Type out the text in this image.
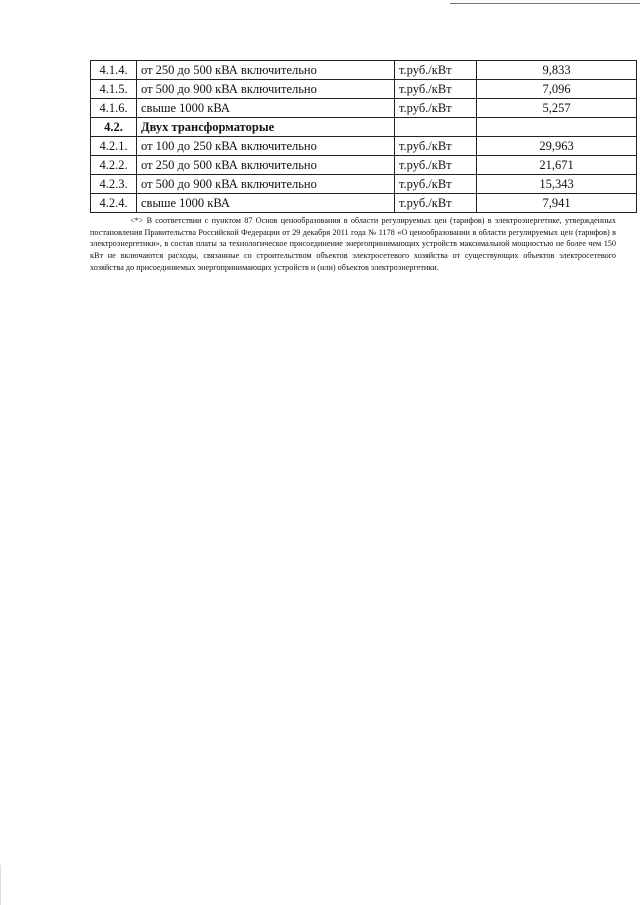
4.1.4.	от 250 до 500 кВА включительно	т.руб./кВт	9,833
4.1.5.	от 500 до 900 кВА включительно	т.руб./кВт	7,096
4.1.6.	свыше 1000 кВА	т.руб./кВт	5,257
4.2.	Двух трансформаторые		
4.2.1.	от 100 до 250 кВА включительно	т.руб./кВт	29,963
4.2.2.	от 250 до 500 кВА включительно	т.руб./кВт	21,671
4.2.3.	от 500 до 900 кВА включительно	т.руб./кВт	15,343
4.2.4.	свыше 1000 кВА	т.руб./кВт	7,941

<*> В соответствии с пунктом 87 Основ ценообразования в области регулируемых цен (тарифов) в электроэнергетике, утвержденных постановления Правительства Российской Федерации от 29 декабря 2011 года № 1178 «О ценообразовании в области регулируемых цен (тарифов) в электроэнергетики», в состав платы за технологическое присоединение энергопринимающих устройств максимальной мощностью не более чем 150 кВт не включаются расходы, связанные со строительством объектов электросетевого хозяйства от существующих объектов электросетевого хозяйства до присоединяемых энергопринимающих устройств и (или) объектов электроэнергетики.
